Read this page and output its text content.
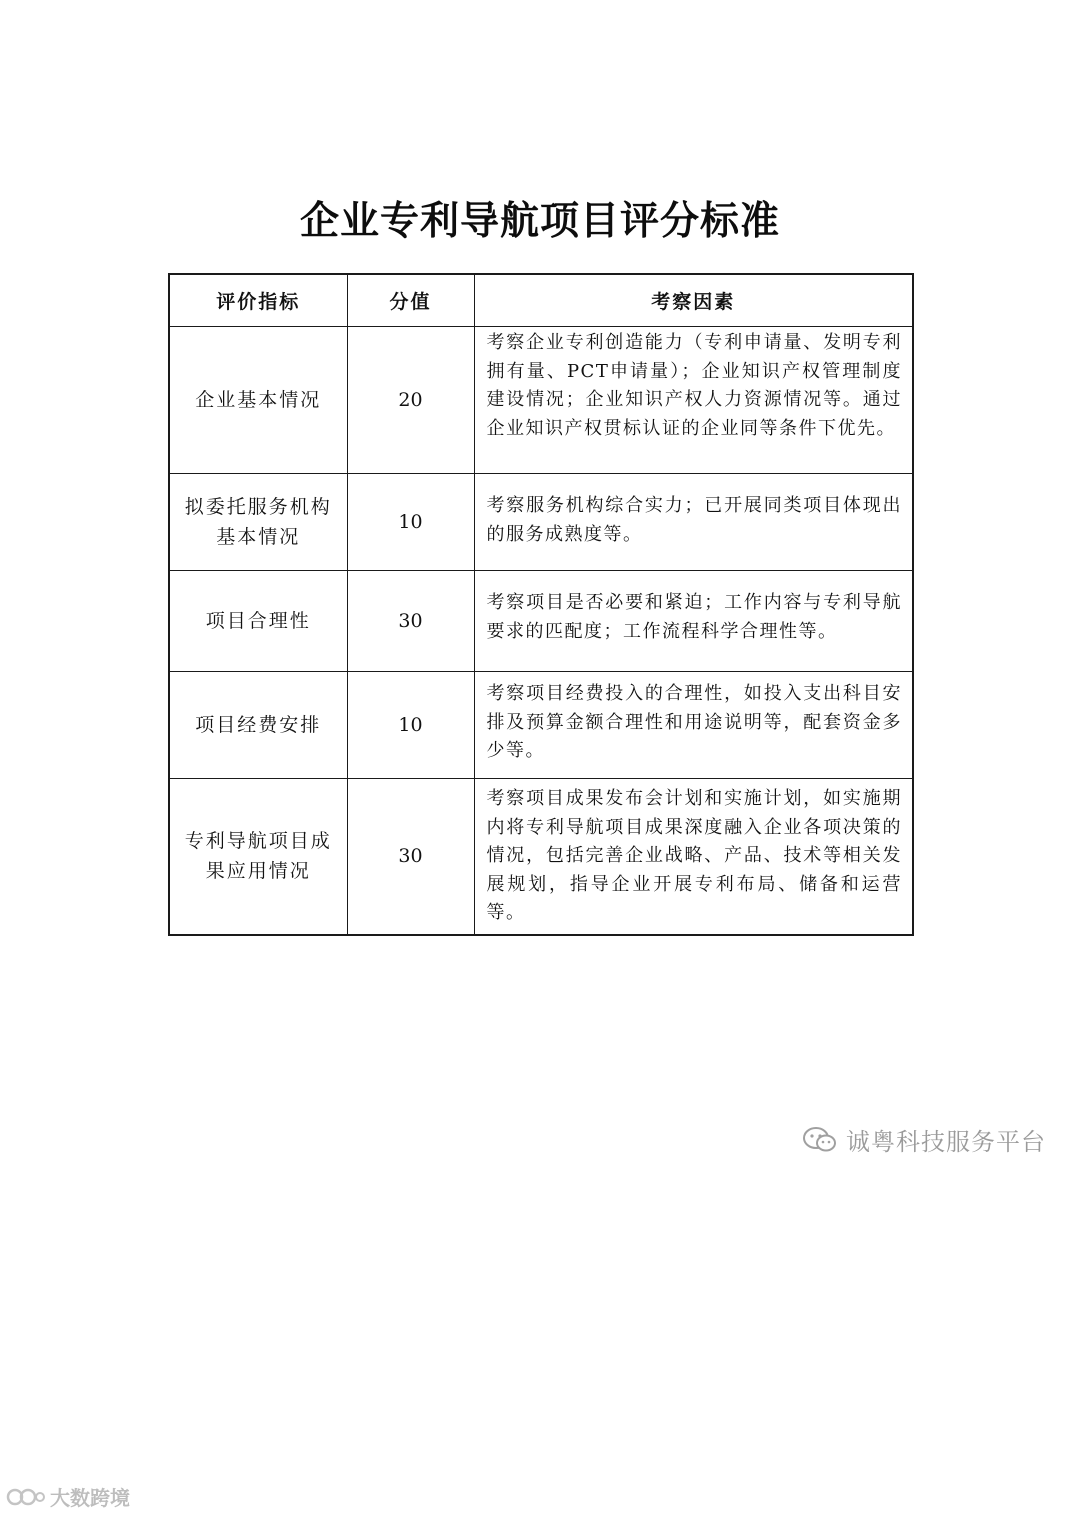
企业专利导航项目评分标准
评价指标	分值	考察因素
企业基本情况	20	考察企业专利创造能力（专利申请量、发明专利拥有量、PCT申请量）；企业知识产权管理制度建设情况；企业知识产权人力资源情况等。通过企业知识产权贯标认证的企业同等条件下优先。
拟委托服务机构基本情况	10	考察服务机构综合实力；已开展同类项目体现出的服务成熟度等。
项目合理性	30	考察项目是否必要和紧迫；工作内容与专利导航要求的匹配度；工作流程科学合理性等。
项目经费安排	10	考察项目经费投入的合理性，如投入支出科目安排及预算金额合理性和用途说明等，配套资金多少等。
专利导航项目成果应用情况	30	考察项目成果发布会计划和实施计划，如实施期内将专利导航项目成果深度融入企业各项决策的情况，包括完善企业战略、产品、技术等相关发展规划，指导企业开展专利布局、储备和运营等。
诚粤科技服务平台
大数跨境
